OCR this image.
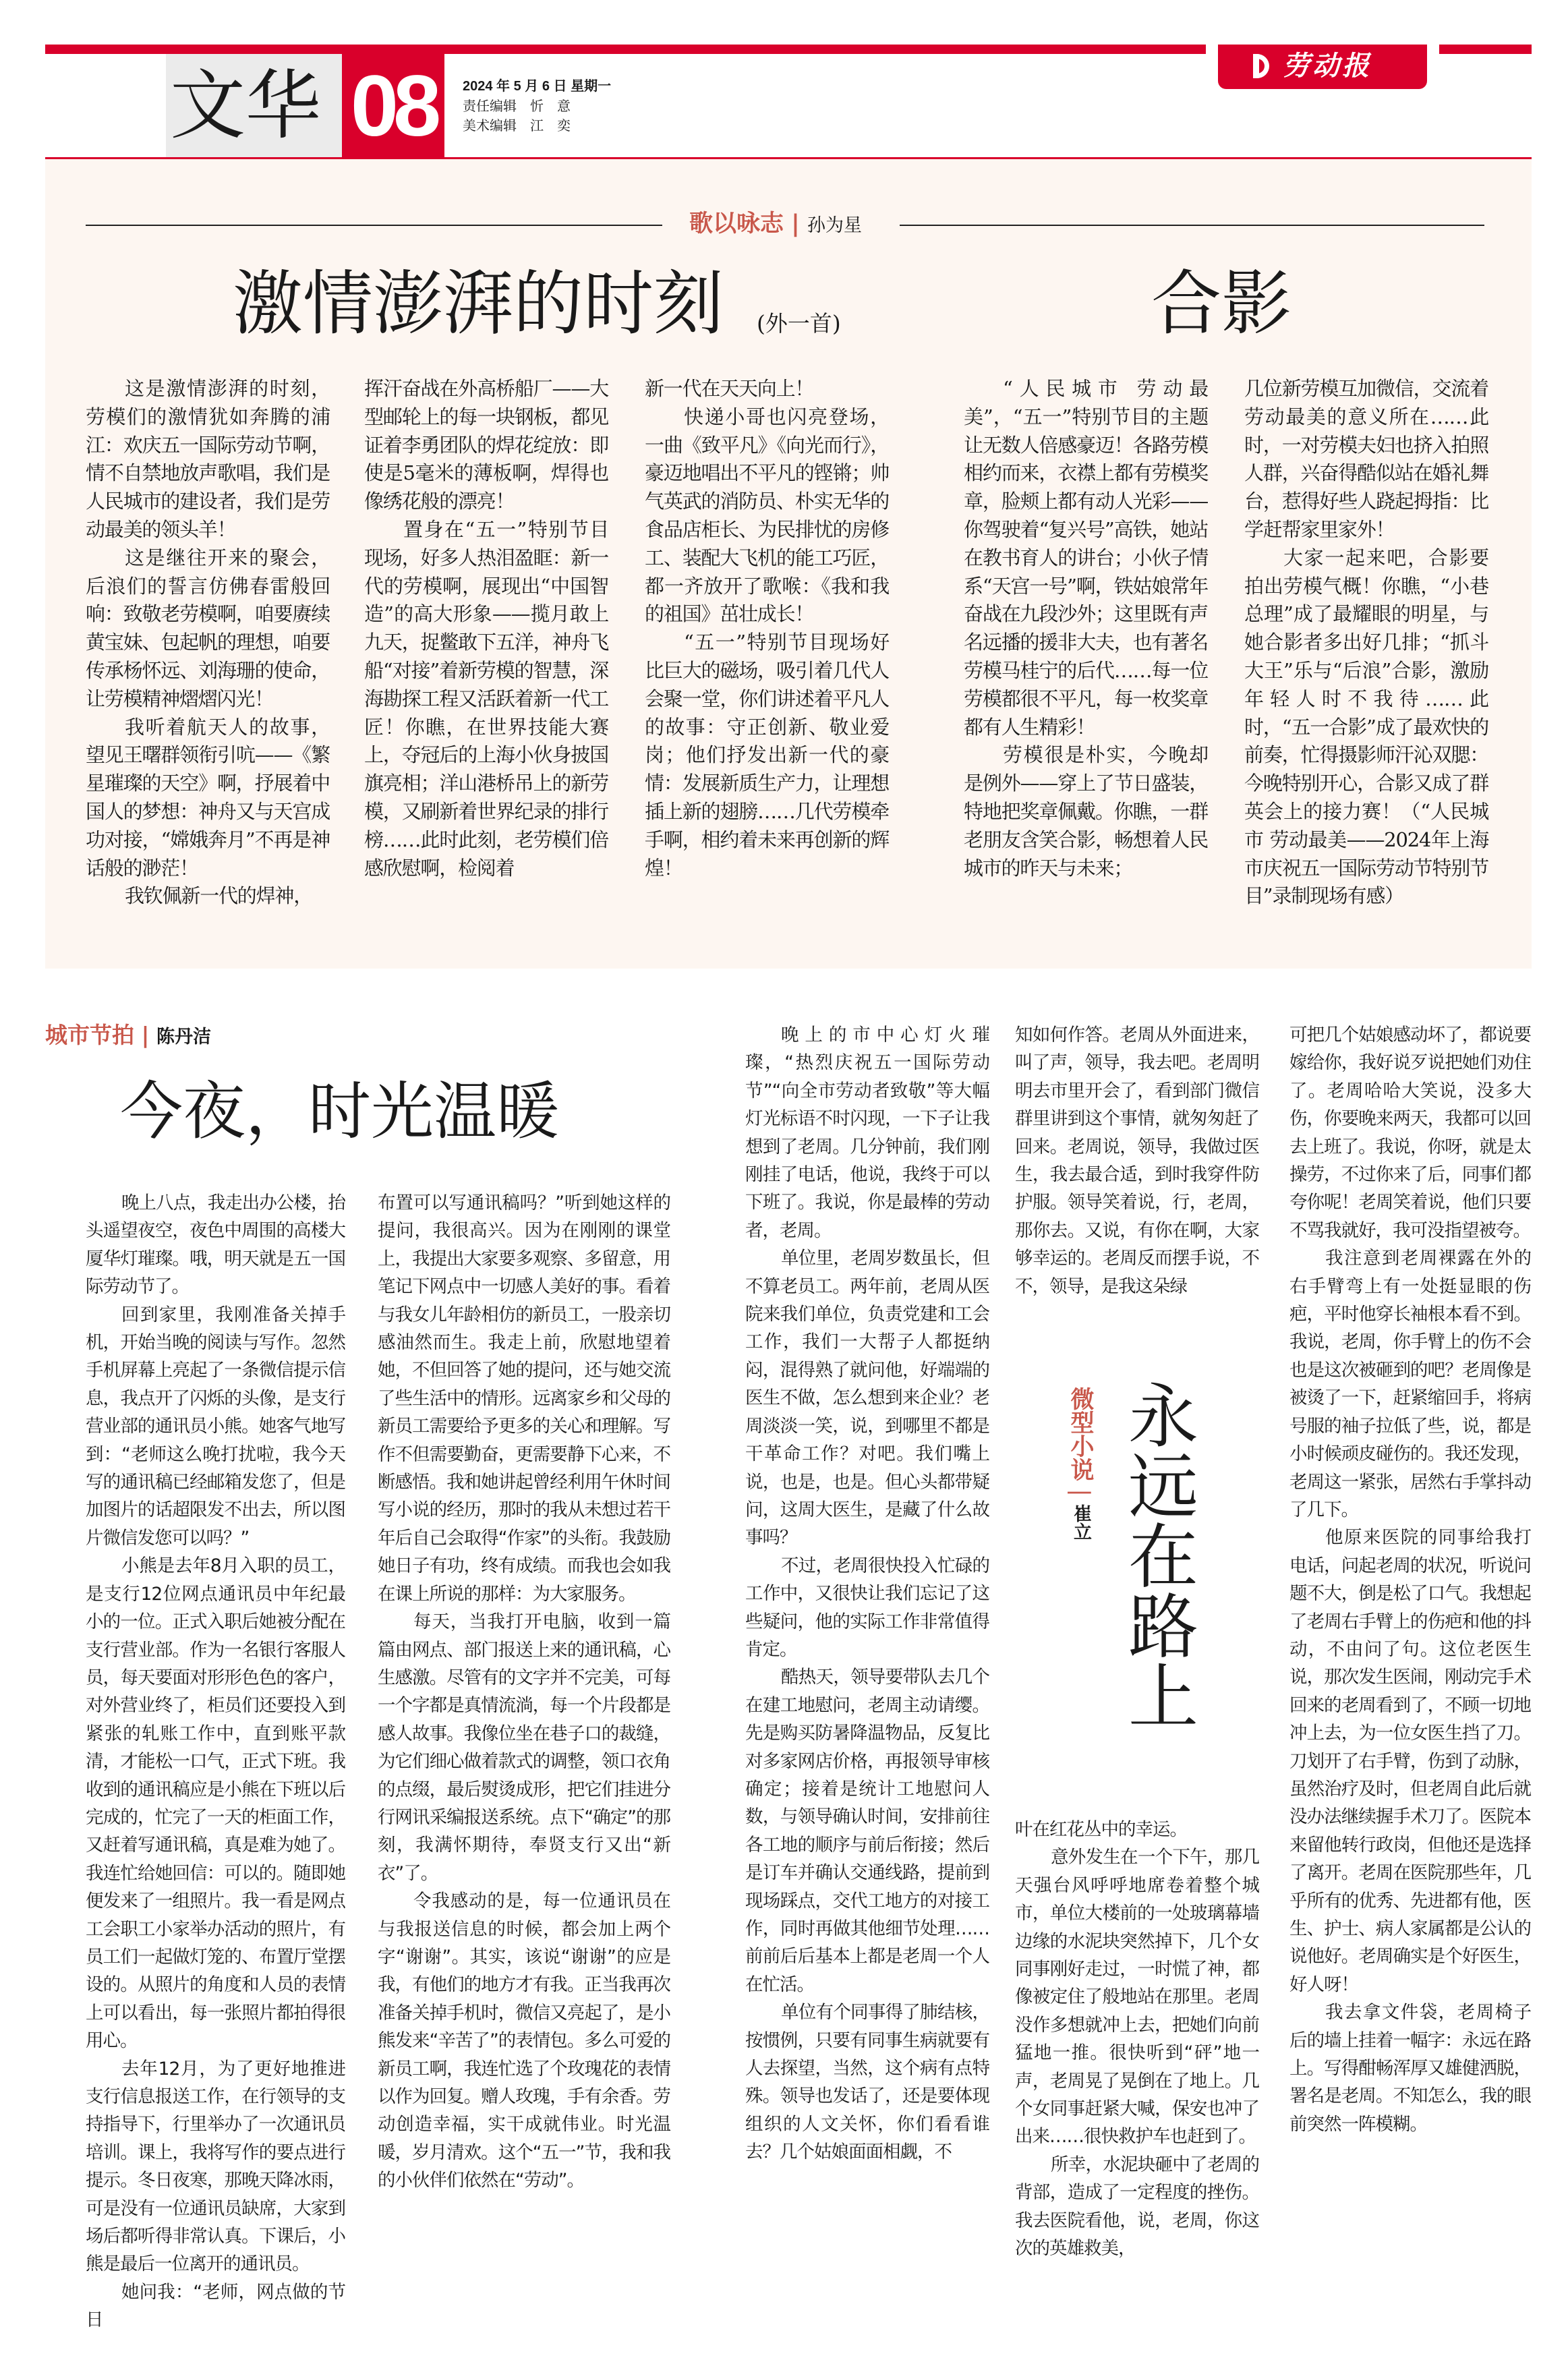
文华 08	2024 年 5 月 6 日 星期一
责任编辑　忻　意
美术编辑　江　奕
劳动报
歌以咏志 | 孙为星
激情澎湃的时刻 (外一首)	合影

这是激情澎湃的时刻，劳模们的激情犹如奔腾的浦江：欢庆五一国际劳动节啊，情不自禁地放声歌唱，我们是人民城市的建设者，我们是劳动最美的领头羊！

这是继往开来的聚会，后浪们的誓言仿佛春雷般回响：致敬老劳模啊，咱要赓续黄宝妹、包起帆的理想，咱要传承杨怀远、刘海珊的使命，让劳模精神熠熠闪光！

我听着航天人的故事，望见王曙群领衔引吭——《繁星璀璨的天空》啊，抒展着中国人的梦想：神舟又与天宫成功对接，“嫦娥奔月”不再是神话般的渺茫！

我钦佩新一代的焊神，

挥汗奋战在外高桥船厂——大型邮轮上的每一块钢板，都见证着李勇团队的焊花绽放：即使是5毫米的薄板啊，焊得也像绣花般的漂亮！

置身在“五一”特别节目现场，好多人热泪盈眶：新一代的劳模啊，展现出“中国智造”的高大形象——揽月敢上九天，捉鳖敢下五洋，神舟飞船“对接”着新劳模的智慧，深海勘探工程又活跃着新一代工匠！你瞧，在世界技能大赛上，夺冠后的上海小伙身披国旗亮相；洋山港桥吊上的新劳模，又刷新着世界纪录的排行榜……此时此刻，老劳模们倍感欣慰啊，检阅着

新一代在天天向上！

快递小哥也闪亮登场，一曲《致平凡》《向光而行》，豪迈地唱出不平凡的铿锵；帅气英武的消防员、朴实无华的食品店柜长、为民排忧的房修工、装配大飞机的能工巧匠，都一齐放开了歌喉：《我和我的祖国》茁壮成长！

“五一”特别节目现场好比巨大的磁场，吸引着几代人会聚一堂，你们讲述着平凡人的故事：守正创新、敬业爱岗；他们抒发出新一代的豪情：发展新质生产力，让理想插上新的翅膀……几代劳模牵手啊，相约着未来再创新的辉煌！

“人民城市 劳动最美”，“五一”特别节目的主题让无数人倍感豪迈！各路劳模相约而来，衣襟上都有劳模奖章，脸颊上都有动人光彩——你驾驶着“复兴号”高铁，她站在教书育人的讲台；小伙子情系“天宫一号”啊，铁姑娘常年奋战在九段沙外；这里既有声名远播的援非大夫，也有著名劳模马桂宁的后代……每一位劳模都很不平凡，每一枚奖章都有人生精彩！

劳模很是朴实，今晚却是例外——穿上了节日盛装，特地把奖章佩戴。你瞧，一群老朋友含笑合影，畅想着人民城市的昨天与未来；

几位新劳模互加微信，交流着劳动最美的意义所在……此时，一对劳模夫妇也挤入拍照人群，兴奋得酷似站在婚礼舞台，惹得好些人跷起拇指：比学赶帮家里家外！

大家一起来吧，合影要拍出劳模气概！你瞧，“小巷总理”成了最耀眼的明星，与她合影者多出好几排；“抓斗大王”乐与“后浪”合影，激励年轻人时不我待……此时，“五一合影”成了最欢快的前奏，忙得摄影师汗沁双腮：今晚特别开心，合影又成了群英会上的接力赛！（“人民城市 劳动最美——2024年上海市庆祝五一国际劳动节特别节目”录制现场有感）

城市节拍 | 陈丹洁
今夜，时光温暖

晚上八点，我走出办公楼，抬头遥望夜空，夜色中周围的高楼大厦华灯璀璨。哦，明天就是五一国际劳动节了。

回到家里，我刚准备关掉手机，开始当晚的阅读与写作。忽然手机屏幕上亮起了一条微信提示信息，我点开了闪烁的头像，是支行营业部的通讯员小熊。她客气地写到：“老师这么晚打扰啦，我今天写的通讯稿已经邮箱发您了，但是加图片的话超限发不出去，所以图片微信发您可以吗？”

小熊是去年8月入职的员工，是支行12位网点通讯员中年纪最小的一位。正式入职后她被分配在支行营业部。作为一名银行客服人员，每天要面对形形色色的客户，对外营业终了，柜员们还要投入到紧张的轧账工作中，直到账平款清，才能松一口气，正式下班。我收到的通讯稿应是小熊在下班以后完成的，忙完了一天的柜面工作，又赶着写通讯稿，真是难为她了。我连忙给她回信：可以的。随即她便发来了一组照片。我一看是网点工会职工小家举办活动的照片，有员工们一起做灯笼的、布置厅堂摆设的。从照片的角度和人员的表情上可以看出，每一张照片都拍得很用心。

去年12月，为了更好地推进支行信息报送工作，在行领导的支持指导下，行里举办了一次通讯员培训。课上，我将写作的要点进行提示。冬日夜寒，那晚天降冰雨，可是没有一位通讯员缺席，大家到场后都听得非常认真。下课后，小熊是最后一位离开的通讯员。

她问我：“老师，网点做的节日

布置可以写通讯稿吗？”听到她这样的提问，我很高兴。因为在刚刚的课堂上，我提出大家要多观察、多留意，用笔记下网点中一切感人美好的事。看着与我女儿年龄相仿的新员工，一股亲切感油然而生。我走上前，欣慰地望着她，不但回答了她的提问，还与她交流了些生活中的情形。远离家乡和父母的新员工需要给予更多的关心和理解。写作不但需要勤奋，更需要静下心来，不断感悟。我和她讲起曾经利用午休时间写小说的经历，那时的我从未想过若干年后自己会取得“作家”的头衔。我鼓励她日子有功，终有成绩。而我也会如我在课上所说的那样：为大家服务。

每天，当我打开电脑，收到一篇篇由网点、部门报送上来的通讯稿，心生感激。尽管有的文字并不完美，可每一个字都是真情流淌，每一个片段都是感人故事。我像位坐在巷子口的裁缝，为它们细心做着款式的调整，领口衣角的点缀，最后熨烫成形，把它们挂进分行网讯采编报送系统。点下“确定”的那刻，我满怀期待，奉贤支行又出“新衣”了。

令我感动的是，每一位通讯员在与我报送信息的时候，都会加上两个字“谢谢”。其实，该说“谢谢”的应是我，有他们的地方才有我。正当我再次准备关掉手机时，微信又亮起了，是小熊发来“辛苦了”的表情包。多么可爱的新员工啊，我连忙选了个玫瑰花的表情以作为回复。赠人玫瑰，手有余香。劳动创造幸福，实干成就伟业。时光温暖，岁月清欢。这个“五一”节，我和我的小伙伴们依然在“劳动”。

晚上的市中心灯火璀璨，“热烈庆祝五一国际劳动节”“向全市劳动者致敬”等大幅灯光标语不时闪现，一下子让我想到了老周。几分钟前，我们刚刚挂了电话，他说，我终于可以下班了。我说，你是最棒的劳动者，老周。

单位里，老周岁数虽长，但不算老员工。两年前，老周从医院来我们单位，负责党建和工会工作，我们一大帮子人都挺纳闷，混得熟了就问他，好端端的医生不做，怎么想到来企业？老周淡淡一笑，说，到哪里不都是干革命工作？对吧。我们嘴上说，也是，也是。但心头都带疑问，这周大医生，是藏了什么故事吗？

不过，老周很快投入忙碌的工作中，又很快让我们忘记了这些疑问，他的实际工作非常值得肯定。

酷热天，领导要带队去几个在建工地慰问，老周主动请缨。先是购买防暑降温物品，反复比对多家网店价格，再报领导审核确定；接着是统计工地慰问人数，与领导确认时间，安排前往各工地的顺序与前后衔接；然后是订车并确认交通线路，提前到现场踩点，交代工地方的对接工作，同时再做其他细节处理……前前后后基本上都是老周一个人在忙活。

单位有个同事得了肺结核，按惯例，只要有同事生病就要有人去探望，当然，这个病有点特殊。领导也发话了，还是要体现组织的人文关怀，你们看看谁去？几个姑娘面面相觑，不

知如何作答。老周从外面进来，叫了声，领导，我去吧。老周明明去市里开会了，看到部门微信群里讲到这个事情，就匆匆赶了回来。老周说，领导，我做过医生，我去最合适，到时我穿件防护服。领导笑着说，行，老周，那你去。又说，有你在啊，大家够幸运的。老周反而摆手说，不不，领导，是我这朵绿

微型小说 | 崔立 永远在路上

叶在红花丛中的幸运。

意外发生在一个下午，那几天强台风呼呼地席卷着整个城市，单位大楼前的一处玻璃幕墙边缘的水泥块突然掉下，几个女同事刚好走过，一时慌了神，都像被定住了般地站在那里。老周没作多想就冲上去，把她们向前猛地一推。很快听到“砰”地一声，老周晃了晃倒在了地上。几个女同事赶紧大喊，保安也冲了出来……很快救护车也赶到了。

所幸，水泥块砸中了老周的背部，造成了一定程度的挫伤。我去医院看他，说，老周，你这次的英雄救美，

可把几个姑娘感动坏了，都说要嫁给你，我好说歹说把她们劝住了。老周哈哈大笑说，没多大伤，你要晚来两天，我都可以回去上班了。我说，你呀，就是太操劳，不过你来了后，同事们都夸你呢！老周笑着说，他们只要不骂我就好，我可没指望被夸。

我注意到老周裸露在外的右手臂弯上有一处挺显眼的伤疤，平时他穿长袖根本看不到。我说，老周，你手臂上的伤不会也是这次被砸到的吧？老周像是被烫了一下，赶紧缩回手，将病号服的袖子拉低了些，说，都是小时候顽皮碰伤的。我还发现，老周这一紧张，居然右手掌抖动了几下。

他原来医院的同事给我打电话，问起老周的状况，听说问题不大，倒是松了口气。我想起了老周右手臂上的伤疤和他的抖动，不由问了句。这位老医生说，那次发生医闹，刚动完手术回来的老周看到了，不顾一切地冲上去，为一位女医生挡了刀。刀划开了右手臂，伤到了动脉，虽然治疗及时，但老周自此后就没办法继续握手术刀了。医院本来留他转行政岗，但他还是选择了离开。老周在医院那些年，几乎所有的优秀、先进都有他，医生、护士、病人家属都是公认的说他好。老周确实是个好医生，好人呀！

我去拿文件袋，老周椅子后的墙上挂着一幅字：永远在路上。写得酣畅浑厚又雄健洒脱，署名是老周。不知怎么，我的眼前突然一阵模糊。
